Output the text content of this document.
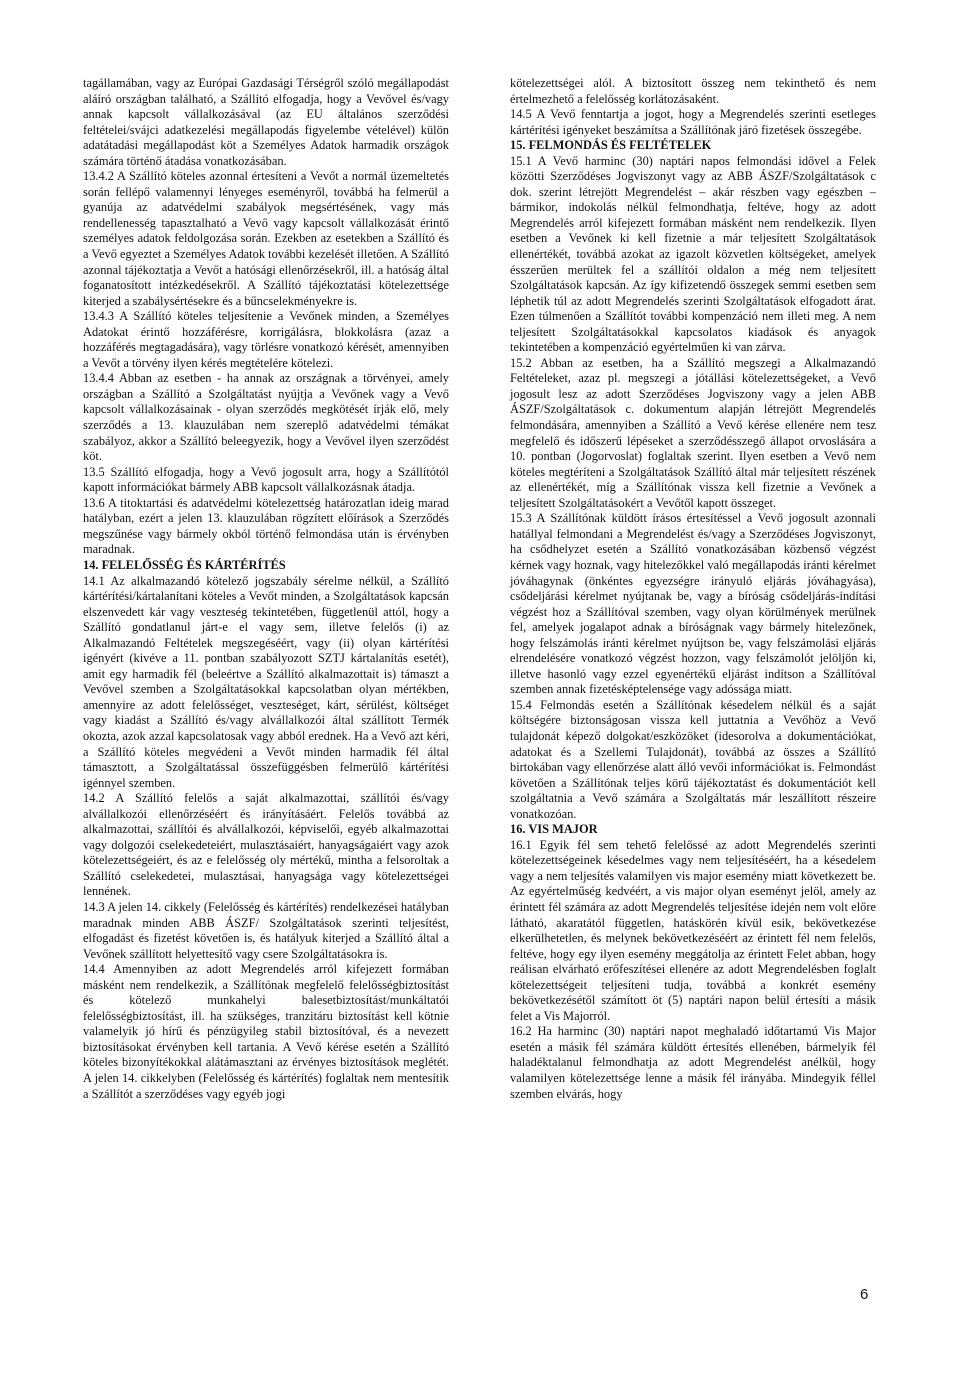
tagállamában, vagy az Európai Gazdasági Térségről szóló megállapodást aláíró országban található, a Szállító elfogadja, hogy a Vevővel és/vagy annak kapcsolt vállalkozásával (az EU általános szerződési feltételei/svájci adatkezelési megállapodás figyelembe vételével) külön adatátadási megállapodást köt a Személyes Adatok harmadik országok számára történő átadása vonatkozásában.

13.4.2 A Szállító köteles azonnal értesíteni a Vevőt a normál üzemeltetés során fellépő valamennyi lényeges eseményről, továbbá ha felmerül a gyanúja az adatvédelmi szabályok megsértésének, vagy más rendellenesség tapasztalható a Vevő vagy kapcsolt vállalkozását érintő személyes adatok feldolgozása során. Ezekben az esetekben a Szállító és a Vevő egyeztet a Személyes Adatok további kezelését illetően. A Szállító azonnal tájékoztatja a Vevőt a hatósági ellenőrzésekről, ill. a hatóság által foganatosított intézkedésekről. A Szállító tájékoztatási kötelezettsége kiterjed a szabálysértésekre és a bűncselekményekre is.

13.4.3 A Szállító köteles teljesítenie a Vevőnek minden, a Személyes Adatokat érintő hozzáférésre, korrigálásra, blokkolásra (azaz a hozzáférés megtagadására), vagy törlésre vonatkozó kérését, amennyiben a Vevőt a törvény ilyen kérés megtételére kötelezi.

13.4.4 Abban az esetben - ha annak az országnak a törvényei, amely országban a Szállító a Szolgáltatást nyújtja a Vevőnek vagy a Vevő kapcsolt vállalkozásainak - olyan szerződés megkötését írják elő, mely szerződés a 13. klauzulában nem szereplő adatvédelmi témákat szabályoz, akkor a Szállító beleegyezik, hogy a Vevővel ilyen szerződést köt.

13.5 Szállító elfogadja, hogy a Vevő jogosult arra, hogy a Szállítótól kapott információkat bármely ABB kapcsolt vállalkozásnak átadja.

13.6 A titoktartási és adatvédelmi kötelezettség határozatlan ideig marad hatályban, ezért a jelen 13. klauzulában rögzített előírások a Szerződés megszűnése vagy bármely okból történő felmondása után is érvényben maradnak.

14. FELELŐSSÉG ÉS KÁRTÉRÍTÉS

14.1 Az alkalmazandó kötelező jogszabály sérelme nélkül, a Szállító kártérítési/kártalanítani köteles a Vevőt minden, a Szolgáltatások kapcsán elszenvedett kár vagy veszteség tekintetében, függetlenül attól, hogy a Szállító gondatlanul járt-e el vagy sem, illetve felelős (i) az Alkalmazandó Feltételek megszegéséért, vagy (ii) olyan kártérítési igényért (kivéve a 11. pontban szabályozott SZTJ kártalanítás esetét), amit egy harmadik fél (beleértve a Szállító alkalmazottait is) támaszt a Vevővel szemben a Szolgáltatásokkal kapcsolatban olyan mértékben, amennyire az adott felelősséget, veszteséget, kárt, sérülést, költséget vagy kiadást a Szállító és/vagy alvállalkozói által szállított Termék okozta, azok azzal kapcsolatosak vagy abból erednek. Ha a Vevő azt kéri, a Szállító köteles megvédeni a Vevőt minden harmadik fél által támasztott, a Szolgáltatással összefüggésben felmerülő kártérítési igénnyel szemben.

14.2 A Szállító felelős a saját alkalmazottai, szállítói és/vagy alvállalkozói ellenőrzéséért és irányításáért. Felelős továbbá az alkalmazottai, szállítói és alvállalkozói, képviselői, egyéb alkalmazottai vagy dolgozói cselekedeteiért, mulasztásaiért, hanyagságaiért vagy azok kötelezettségeiért, és az e felelősség oly mértékű, mintha a felsoroltak a Szállító cselekedetei, mulasztásai, hanyagsága vagy kötelezettségei lennének.

14.3 A jelen 14. cikkely (Felelősség és kártérítés) rendelkezései hatályban maradnak minden ABB ÁSZF/ Szolgáltatások szerinti teljesítést, elfogadást és fizetést követően is, és hatályuk kiterjed a Szállító által a Vevőnek szállított helyettesítő vagy csere Szolgáltatásokra is.

14.4 Amennyiben az adott Megrendelés arról kifejezett formában másként nem rendelkezik, a Szállítónak megfelelő felelősségbiztosítást és kötelező munkahelyi balesetbiztosítást/munkáltatói felelősségbiztosítást, ill. ha szükséges, tranzitáru biztosítást kell kötnie valamelyik jó hírű és pénzügyileg stabil biztosítóval, és a nevezett biztosításokat érvényben kell tartania. A Vevő kérése esetén a Szállító köteles bizonyítékokkal alátámasztani az érvényes biztosítások meglétét. A jelen 14. cikkelyben (Felelősség és kártérítés) foglaltak nem mentesítik a Szállítót a szerződéses vagy egyéb jogi

kötelezettségei alól. A biztosított összeg nem tekinthető és nem értelmezhető a felelősség korlátozásaként.

14.5 A Vevő fenntartja a jogot, hogy a Megrendelés szerinti esetleges kártérítési igényeket beszámítsa a Szállítónak járó fizetések összegébe.

15. FELMONDÁS ÉS FELTÉTELEK

15.1 A Vevő harminc (30) naptári napos felmondási idővel a Felek közötti Szerződéses Jogviszonyt vagy az ABB ÁSZF/Szolgáltatások c dok. szerint létrejött Megrendelést – akár részben vagy egészben – bármikor, indokolás nélkül felmondhatja, feltéve, hogy az adott Megrendelés arról kifejezett formában másként nem rendelkezik. Ilyen esetben a Vevőnek ki kell fizetnie a már teljesített Szolgáltatások ellenértékét, továbbá azokat az igazolt közvetlen költségeket, amelyek ésszerűen merültek fel a szállítói oldalon a még nem teljesített Szolgáltatások kapcsán. Az így kifizetendő összegek semmi esetben sem léphetik túl az adott Megrendelés szerinti Szolgáltatások elfogadott árat. Ezen túlmenően a Szállítót további kompenzáció nem illeti meg. A nem teljesített Szolgáltatásokkal kapcsolatos kiadások és anyagok tekintetében a kompenzáció egyértelműen ki van zárva.

15.2 Abban az esetben, ha a Szállító megszegi a Alkalmazandó Feltételeket, azaz pl. megszegi a jótállási kötelezettségeket, a Vevő jogosult lesz az adott Szerződéses Jogviszony vagy a jelen ABB ÁSZF/Szolgáltatások c. dokumentum alapján létrejött Megrendelés felmondására, amennyiben a Szállító a Vevő kérése ellenére nem tesz megfelelő és időszerű lépéseket a szerződésszegő állapot orvoslására a 10. pontban (Jogorvoslat) foglaltak szerint. Ilyen esetben a Vevő nem köteles megtéríteni a Szolgáltatások Szállító által már teljesített részének az ellenértékét, míg a Szállítónak vissza kell fizetnie a Vevőnek a teljesített Szolgáltatásokért a Vevőtől kapott összeget.

15.3 A Szállítónak küldött írásos értesítéssel a Vevő jogosult azonnali hatállyal felmondani a Megrendelést és/vagy a Szerződéses Jogviszonyt, ha csődhelyzet esetén a Szállító vonatkozásában közbenső végzést kérnek vagy hoznak, vagy hitelezőkkel való megállapodás iránti kérelmet jóváhagynak (önkéntes egyezségre irányuló eljárás jóváhagyása), csődeljárási kérelmet nyújtanak be, vagy a bíróság csődeljárás-indítási végzést hoz a Szállítóval szemben, vagy olyan körülmények merülnek fel, amelyek jogalapot adnak a bíróságnak vagy bármely hitelezőnek, hogy felszámolás iránti kérelmet nyújtson be, vagy felszámolási eljárás elrendelésére vonatkozó végzést hozzon, vagy felszámolót jelöljön ki, illetve hasonló vagy ezzel egyenértékű eljárást indítson a Szállítóval szemben annak fizetésképtelensége vagy adóssága miatt.

15.4 Felmondás esetén a Szállítónak késedelem nélkül és a saját költségére biztonságosan vissza kell juttatnia a Vevőhöz a Vevő tulajdonát képező dolgokat/eszközöket (idesorolva a dokumentációkat, adatokat és a Szellemi Tulajdonát), továbbá az összes a Szállító birtokában vagy ellenőrzése alatt álló vevői információkat is. Felmondást követően a Szállítónak teljes körű tájékoztatást és dokumentációt kell szolgáltatnia a Vevő számára a Szolgáltatás már leszállított részeire vonatkozóan.

16. VIS MAJOR

16.1 Egyik fél sem tehető felelőssé az adott Megrendelés szerinti kötelezettségeinek késedelmes vagy nem teljesítéséért, ha a késedelem vagy a nem teljesítés valamilyen vis major esemény miatt következett be. Az egyértelműség kedvéért, a vis major olyan eseményt jelöl, amely az érintett fél számára az adott Megrendelés teljesítése idején nem volt előre látható, akaratától független, hatáskörén kívül esik, bekövetkezése elkerülhetetlen, és melynek bekövetkezéséért az érintett fél nem felelős, feltéve, hogy egy ilyen esemény meggátolja az érintett Felet abban, hogy reálisan elvárható erőfeszítései ellenére az adott Megrendelésben foglalt kötelezettségeit teljesíteni tudja, továbbá a konkrét esemény bekövetkezésétől számított öt (5) naptári napon belül értesíti a másik felet a Vis Majorról.

16.2 Ha harminc (30) naptári napot meghaladó időtartamú Vis Major esetén a másik fél számára küldött értesítés ellenében, bármelyik fél haladéktalanul felmondhatja az adott Megrendelést anélkül, hogy valamilyen kötelezettsége lenne a másik fél irányába. Mindegyik féllel szemben elvárás, hogy

6
